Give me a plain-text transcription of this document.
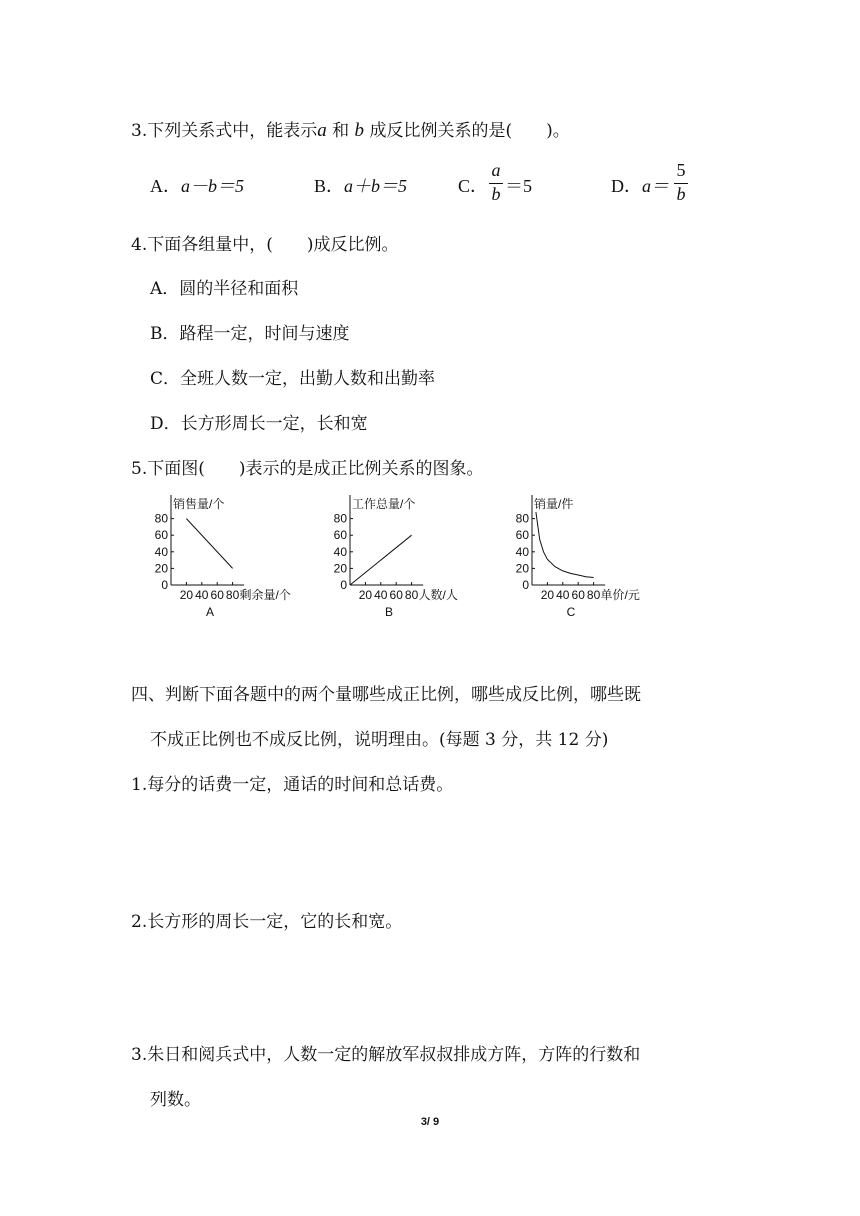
3.下列关系式中，能表示a 和 b 成反比例关系的是(　　)。
A．a－b＝5	B．a＋b＝5	C．
a
b ＝5	D．a＝
5
b
4.下面各组量中，(　　)成反比例。
A．圆的半径和面积
B．路程一定，时间与速度
C．全班人数一定，出勤人数和出勤率
D．长方形周长一定，长和宽
5.下面图(　　)表示的是成正比例关系的图象。
0
20
40
60
80
20 40 60 80
销售量/个
剩余量/个
A
0
20
40
60
80
20 40 60 80
工作总量/个
人数/人
B
0
20
40
60
80
20 40 60 80
销量/件
单价/元
C
四、判断下面各题中的两个量哪些成正比例，哪些成反比例，哪些既
不成正比例也不成反比例，说明理由。(每题 3 分，共 12 分)
1.每分的话费一定，通话的时间和总话费。
2.长方形的周长一定，它的长和宽。
3.朱日和阅兵式中，人数一定的解放军叔叔排成方阵，方阵的行数和
列数。
3/ 9
